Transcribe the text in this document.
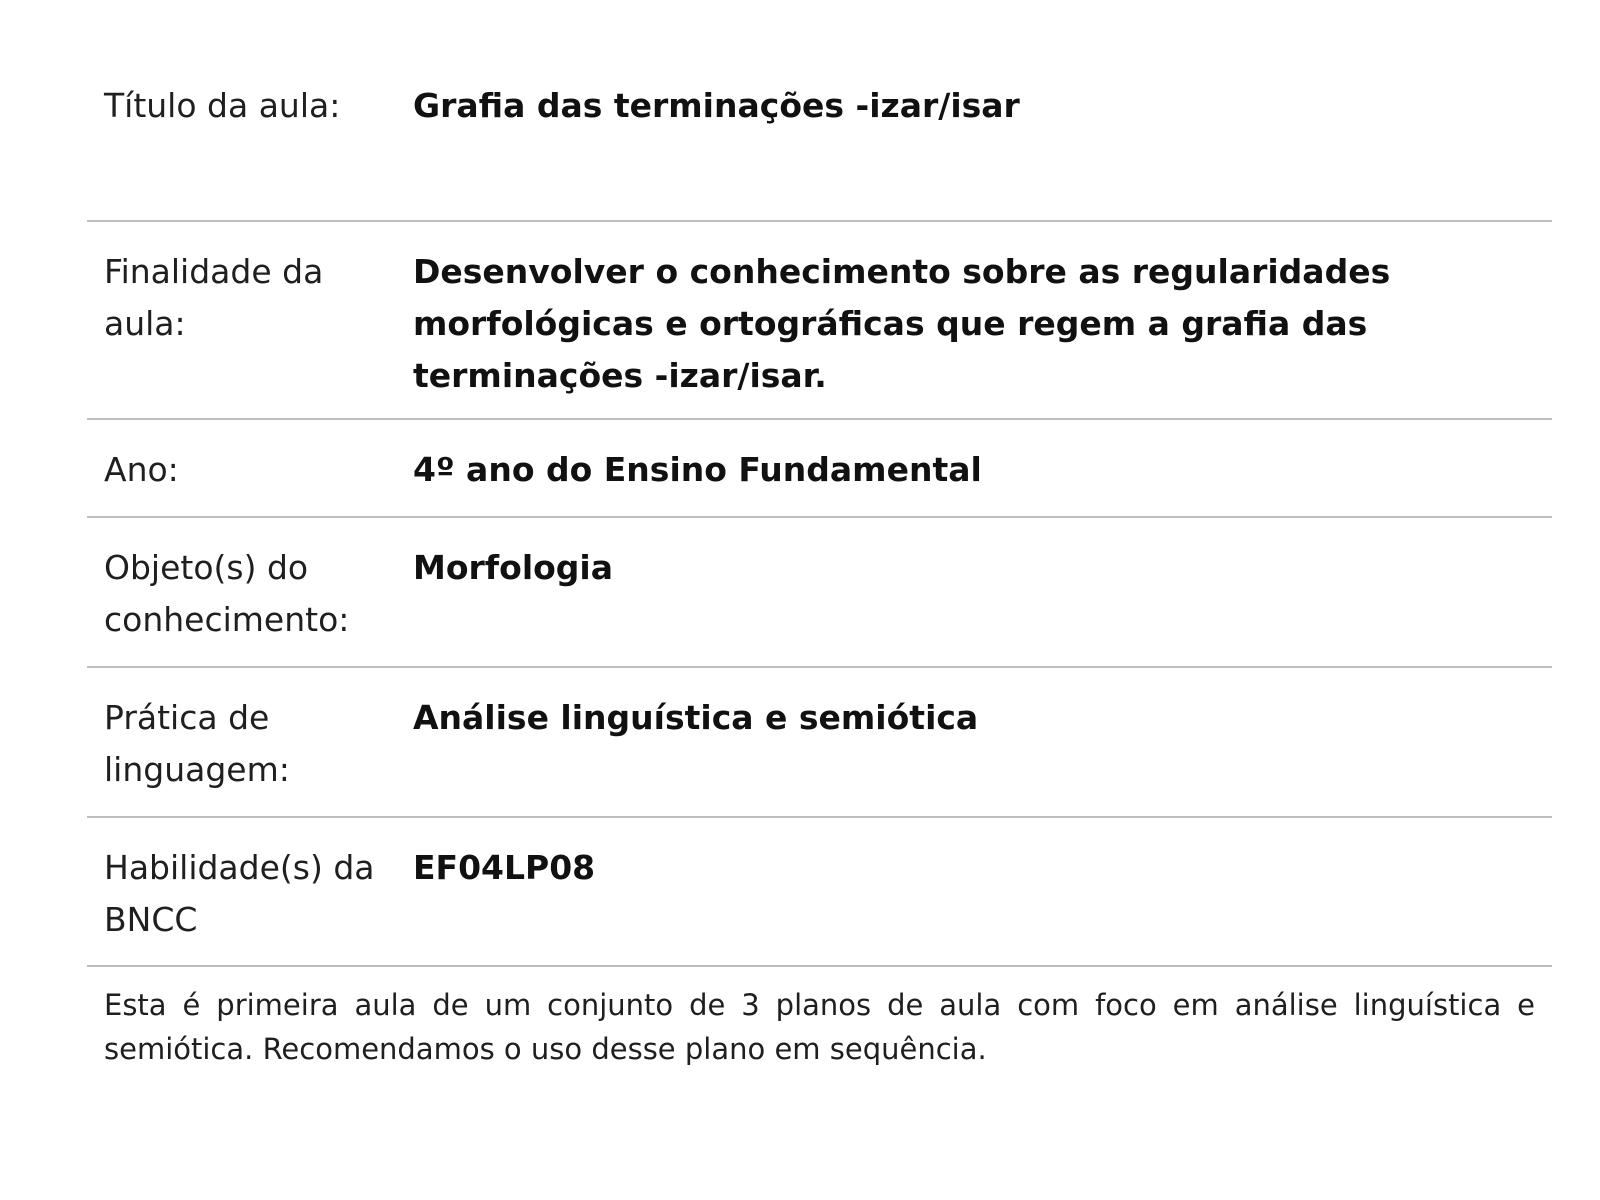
Título da aula:	Grafia das terminações -izar/isar
Finalidade da aula:	Desenvolver o conhecimento sobre as regularidades morfológicas e ortográficas que regem a grafia das terminações -izar/isar.
Ano:	4º ano do Ensino Fundamental
Objeto(s) do conhecimento:	Morfologia
Prática de linguagem:	Análise linguística e semiótica
Habilidade(s) da BNCC	EF04LP08

Esta é primeira aula de um conjunto de 3 planos de aula com foco em análise linguística e semiótica. Recomendamos o uso desse plano em sequência.
